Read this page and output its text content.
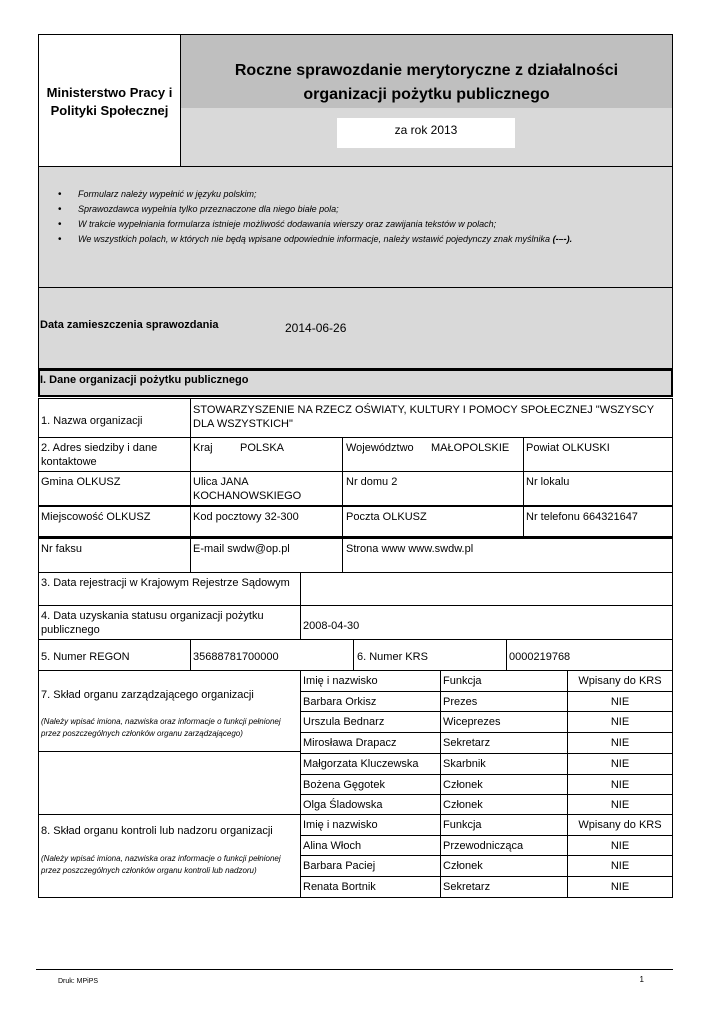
Ministerstwo Pracy i Polityki Społecznej
Roczne sprawozdanie merytoryczne z działalności
organizacji pożytku publicznego
za rok 2013
• Formularz należy wypełnić w języku polskim;
• Sprawozdawca wypełnia tylko przeznaczone dla niego białe pola;
• W trakcie wypełniania formularza istnieje możliwość dodawania wierszy oraz zawijania tekstów w polach;
• We wszystkich polach, w których nie będą wpisane odpowiednie informacje, należy wstawić pojedynczy znak myślnika (-–-).
Data zamieszczenia sprawozdania	2014-06-26
I. Dane organizacji pożytku publicznego
1. Nazwa organizacji
STOWARZYSZENIE NA RZECZ OŚWIATY, KULTURY I POMOCY SPOŁECZNEJ "WSZYSCY DLA WSZYSTKICH"
2. Adres siedziby i dane kontaktowe
Kraj POLSKA	Województwo MAŁOPOLSKIE Powiat OLKUSKI
Gmina OLKUSZ	Ulica JANA KOCHANOWSKIEGO
Nr domu 2	Nr lokalu
Miejscowość OLKUSZ	Kod pocztowy 32-300	Poczta OLKUSZ	Nr telefonu 664321647
Nr faksu	E-mail swdw@op.pl	Strona www www.swdw.pl
3. Data rejestracji w Krajowym Rejestrze Sądowym
4. Data uzyskania statusu organizacji pożytku publicznego	2008-04-30
5. Numer REGON	35688781700000	6. Numer KRS	0000219768
7. Skład organu zarządzającego organizacji
(Należy wpisać imiona, nazwiska oraz informacje o funkcji pełnionej przez poszczególnych członków organu zarządzającego)
Imię i nazwisko	Funkcja	Wpisany do KRS
Barbara Orkisz	Prezes	NIE
Urszula Bednarz	Wiceprezes	NIE
Mirosława Drapacz	Sekretarz	NIE
Małgorzata Kluczewska	Skarbnik	NIE
Bożena Gęgotek	Członek	NIE
Olga Śladowska	Członek	NIE
8. Skład organu kontroli lub nadzoru organizacji
(Należy wpisać imiona, nazwiska oraz informacje o funkcji pełnionej przez poszczególnych członków organu kontroli lub nadzoru)
Imię i nazwisko	Funkcja	Wpisany do KRS
Alina Włoch	Przewodnicząca	NIE
Barbara Paciej	Członek	NIE
Renata Bortnik	Sekretarz	NIE
Druk: MPiPS	1
